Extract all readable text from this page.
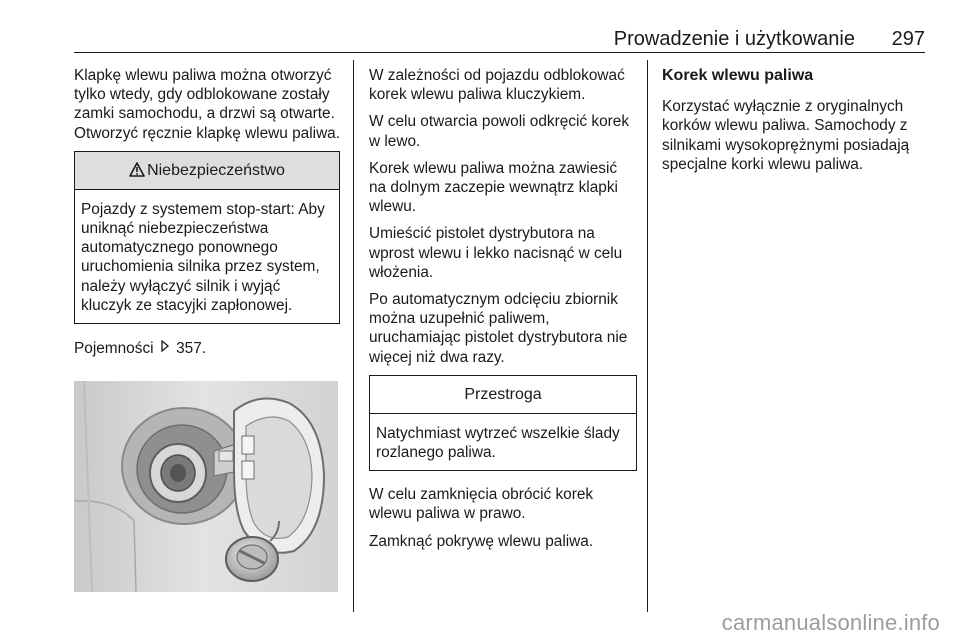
Prowadzenie i użytkowanie 297

Klapkę wlewu paliwa można otworzyć tylko wtedy, gdy odblokowane zostały zamki samochodu, a drzwi są otwarte. Otworzyć ręcznie klapkę wlewu paliwa.

Niebezpieczeństwo
Pojazdy z systemem stop-start: Aby uniknąć niebezpieczeństwa automatycznego ponownego uruchomienia silnika przez system, należy wyłączyć silnik i wyjąć kluczyk ze stacyjki zapłonowej.

Pojemności 357.

W zależności od pojazdu odblokować korek wlewu paliwa kluczykiem.

W celu otwarcia powoli odkręcić korek w lewo.

Korek wlewu paliwa można zawiesić na dolnym zaczepie wewnątrz klapki wlewu.

Umieścić pistolet dystrybutora na wprost wlewu i lekko nacisnąć w celu włożenia.

Po automatycznym odcięciu zbiornik można uzupełnić paliwem, uruchamiając pistolet dystrybutora nie więcej niż dwa razy.

Przestroga
Natychmiast wytrzeć wszelkie ślady rozlanego paliwa.

W celu zamknięcia obrócić korek wlewu paliwa w prawo.

Zamknąć pokrywę wlewu paliwa.

Korek wlewu paliwa

Korzystać wyłącznie z oryginalnych korków wlewu paliwa. Samochody z silnikami wysokoprężnymi posiadają specjalne korki wlewu paliwa.

carmanualsonline.info
